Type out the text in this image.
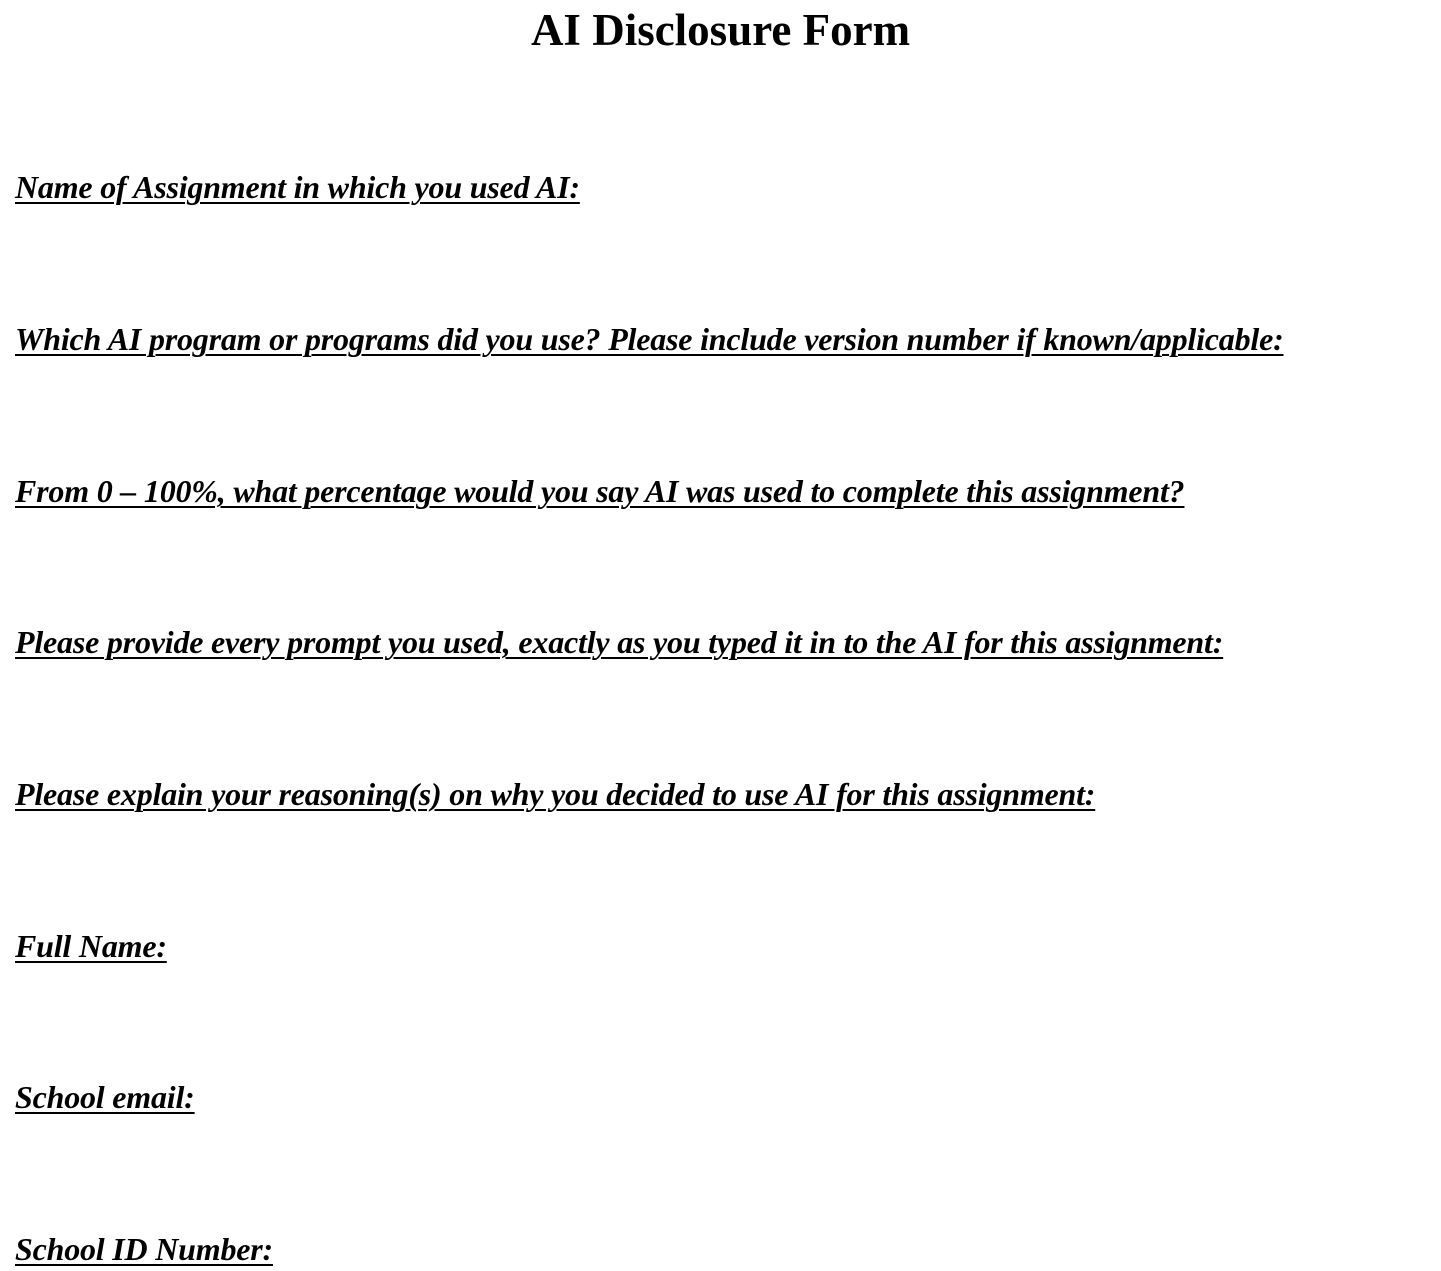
AI Disclosure Form

Name of Assignment in which you used AI:

Which AI program or programs did you use? Please include version number if known/applicable:

From 0 – 100%, what percentage would you say AI was used to complete this assignment?

Please provide every prompt you used, exactly as you typed it in to the AI for this assignment:

Please explain your reasoning(s) on why you decided to use AI for this assignment:

Full Name:

School email:

School ID Number:
